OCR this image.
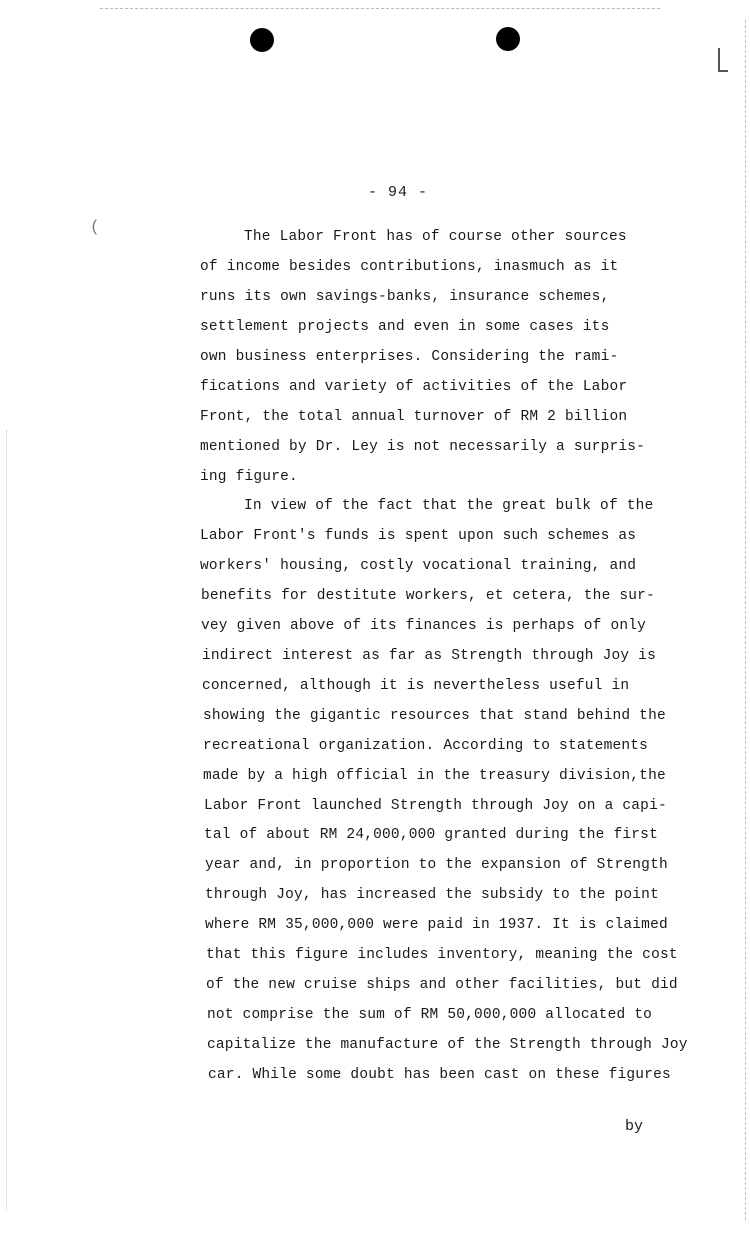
(
- 94 -
The Labor Front has of course other sources
of income besides contributions, inasmuch as it
runs its own savings-banks, insurance schemes,
settlement projects and even in some cases its
own business enterprises. Considering the rami-
fications and variety of activities of the Labor
Front, the total annual turnover of RM 2 billion
mentioned by Dr. Ley is not necessarily a surpris-
ing figure.
In view of the fact that the great bulk of the
Labor Front's funds is spent upon such schemes as
workers' housing, costly vocational training, and
benefits for destitute workers, et cetera, the sur-
vey given above of its finances is perhaps of only
indirect interest as far as Strength through Joy is
concerned, although it is nevertheless useful in
showing the gigantic resources that stand behind the
recreational organization. According to statements
made by a high official in the treasury division,the
Labor Front launched Strength through Joy on a capi-
tal of about RM 24,000,000 granted during the first
year and, in proportion to the expansion of Strength
through Joy, has increased the subsidy to the point
where RM 35,000,000 were paid in 1937. It is claimed
that this figure includes inventory, meaning the cost
of the new cruise ships and other facilities, but did
not comprise the sum of RM 50,000,000 allocated to
capitalize the manufacture of the Strength through Joy
car. While some doubt has been cast on these figures
by
